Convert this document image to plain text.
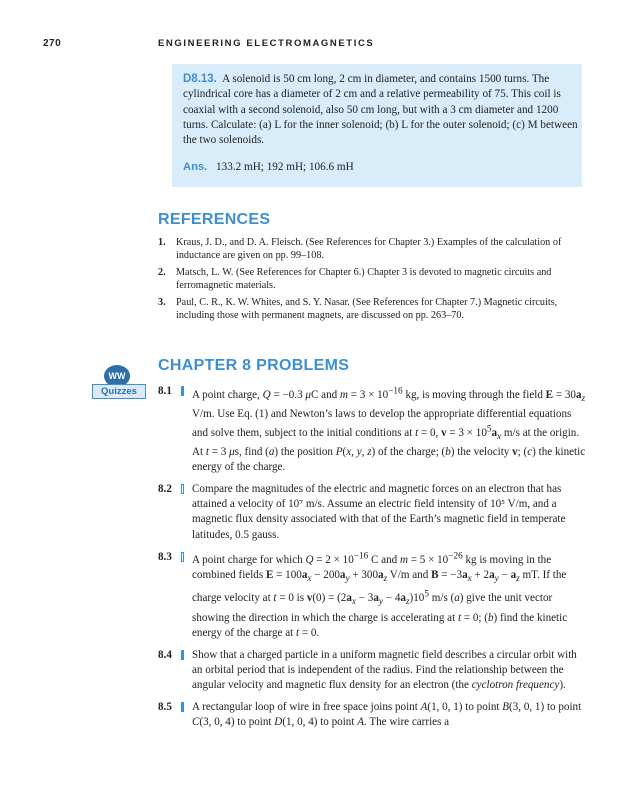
270	ENGINEERING ELECTROMAGNETICS
D8.13. A solenoid is 50 cm long, 2 cm in diameter, and contains 1500 turns. The cylindrical core has a diameter of 2 cm and a relative permeability of 75. This coil is coaxial with a second solenoid, also 50 cm long, but with a 3 cm diameter and 1200 turns. Calculate: (a) L for the inner solenoid; (b) L for the outer solenoid; (c) M between the two solenoids.
Ans. 133.2 mH; 192 mH; 106.6 mH
REFERENCES
1. Kraus, J. D., and D. A. Fleisch. (See References for Chapter 3.) Examples of the calculation of inductance are given on pp. 99–108.
2. Matsch, L. W. (See References for Chapter 6.) Chapter 3 is devoted to magnetic circuits and ferromagnetic materials.
3. Paul, C. R., K. W. Whites, and S. Y. Nasar. (See References for Chapter 7.) Magnetic circuits, including those with permanent magnets, are discussed on pp. 263–70.
WW
Quizzes
CHAPTER 8 PROBLEMS
8.1 A point charge, Q = −0.3 μC and $m = 3 \times 10^{-16}$ kg, is moving through the field $E = 30a_z$ V/m. Use Eq. (1) and Newton’s laws to develop the appropriate differential equations and solve them, subject to the initial conditions at t = 0, $v = 3 \times 10^5a_x$ m/s at the origin. At t = 3 μs, find (a) the position P(x, y, z) of the charge; (b) the velocity v; (c) the kinetic energy of the charge.
8.2 Compare the magnitudes of the electric and magnetic forces on an electron that has attained a velocity of 10⁷ m/s. Assume an electric field intensity of 10⁵ V/m, and a magnetic flux density associated with that of the Earth’s magnetic field in temperate latitudes, 0.5 gauss.
8.3 A point charge for which $Q = 2 \times 10^{-16}$ C and $m = 5 \times 10^{-26}$ kg is moving in the combined fields $E = 100a_x - 200a_y + 300a_z$ V/m and $B = -3a_x + 2a_y - a_z$ mT. If the charge velocity at t = 0 is $v(0) = (2a_x - 3a_y - 4a_z)10^5$ m/s (a) give the unit vector showing the direction in which the charge is accelerating at t = 0; (b) find the kinetic energy of the charge at t = 0.
8.4 Show that a charged particle in a uniform magnetic field describes a circular orbit with an orbital period that is independent of the radius. Find the relationship between the angular velocity and magnetic flux density for an electron (the cyclotron frequency).
8.5 A rectangular loop of wire in free space joins point A(1, 0, 1) to point B(3, 0, 1) to point C(3, 0, 4) to point D(1, 0, 4) to point A. The wire carries a
